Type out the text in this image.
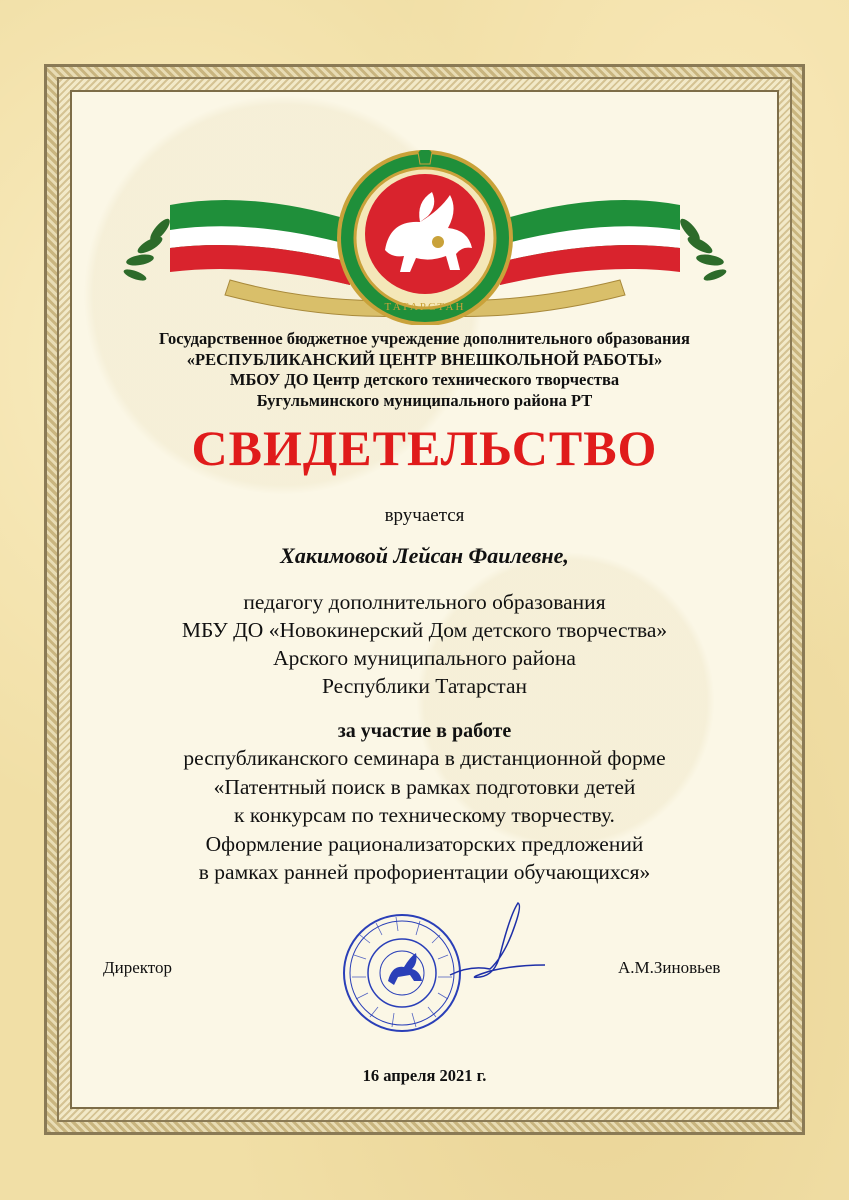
ТАТАРСТАН
Государственное бюджетное учреждение дополнительного образования
«РЕСПУБЛИКАНСКИЙ ЦЕНТР ВНЕШКОЛЬНОЙ РАБОТЫ»
МБОУ ДО Центр детского технического творчества
Бугульминского муниципального района РТ
СВИДЕТЕЛЬСТВО
вручается
Хакимовой Лейсан Фаилевне,
педагогу дополнительного образования
МБУ ДО «Новокинерский Дом детского творчества»
Арского муниципального района
Республики Татарстан
за участие в работе
республиканского семинара в дистанционной форме
«Патентный поиск в рамках подготовки детей
к конкурсам по техническому творчеству.
Оформление рационализаторских предложений
в рамках ранней профориентации обучающихся»
Директор	А.М.Зиновьев
16 апреля 2021 г.
